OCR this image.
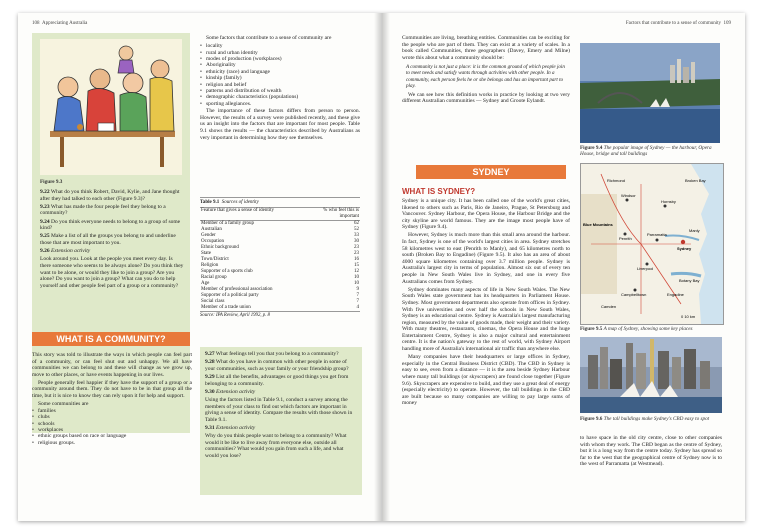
108 Appreciating Australia
Figure 9.3

9.22 What do you think Robert, David, Kylie, and Jane thought after they had talked to each other (Figure 9.3)?

9.23 What has made the four people feel they belong to a community?

9.24 Do you think everyone needs to belong to a group of some kind?

9.25 Make a list of all the groups you belong to and underline those that are most important to you.

9.26 Extension activity

Look around you. Look at the people you meet every day. Is there someone who seems to be always alone? Do you think they want to be alone, or would they like to join a group? Are you alone? Do you want to join a group? What can you do to help yourself and other people feel part of a group or a community?

Some factors that contribute to a sense of community are

• locality
• rural and urban identity
• modes of production (workplaces)
• Aboriginality
• ethnicity (race) and language
• kinship (family)
• religion and belief
• patterns and distribution of wealth
• demographic characteristics (populations)
• sporting allegiances.

The importance of these factors differs from person to person. However, the results of a survey were published recently, and these give us an insight into the factors that are important for most people. Table 9.1 shows the results — the characteristics described by Australians as very important in determining how they see themselves.

Table 9.1 Sources of identity
Feature that gives a sense of identity	% who feel this is important
Member of a family group	62
Australian	52
Gender	33
Occupation	30
Ethnic background	23
State	23
Town/District	16
Religion	15
Supporter of a sports club	12
Racial group	10
Age	10
Member of professional association	9
Supporter of a political party	7
Social class	7
Member of a trade union	4
Source: IPA Review, April 1992, p. 8
WHAT IS A COMMUNITY?

This story was told to illustrate the ways in which people can feel part of a community, or can feel shut out and unhappy. We all have communities we can belong to and these will change as we grow up, move to other places, or have events happening in our lives.

People generally feel happier if they have the support of a group or a community around them. They do not have to be in that group all the time, but it is nice to know they can rely upon it for help and support.

Some communities are

• families
• clubs
• schools
• workplaces
• ethnic groups based on race or language
• religious groups.

9.27 What feelings tell you that you belong to a community?

9.28 What do you have in common with other people in some of your communities, such as your family or your friendship group?

9.29 List all the benefits, advantages or good things you get from belonging to a community.

9.30 Extension activity

Using the factors listed in Table 9.1, conduct a survey among the members of your class to find out which factors are important in giving a sense of identity. Compare the results with those shown in Table 9.1.

9.31 Extension activity

Why do you think people want to belong to a community? What would it be like to live away from everyone else, outside all communities? What would you gain from such a life, and what would you lose?

Factors that contribute to a sense of community 109

Communities are living, breathing entities. Communities can be exciting for the people who are part of them. They can exist at a variety of scales. In a book called Communities, three geographers (Davey, Emery and Milne) wrote this about what a community should be:

A community is not just a place: it is the common ground of which people join to meet needs and satisfy wants through activities with other people. In a community, each person feels he or she belongs and has an important part to play.

We can see how this definition works in practice by looking at two very different Australian communities — Sydney and Groote Eylandt.

SYDNEY
WHAT IS SYDNEY?

Sydney is a unique city. It has been called one of the world's great cities, likened to others such as Paris, Rio de Janeiro, Prague, St Petersburg and Vancouver. Sydney Harbour, the Opera House, the Harbour Bridge and the city skyline are world famous. They are the image most people have of Sydney (Figure 9.4).

However, Sydney is much more than this small area around the harbour. In fact, Sydney is one of the world's largest cities in area. Sydney stretches 58 kilometres west to east (Penrith to Manly), and 65 kilometres north to south (Broken Bay to Engadine) (Figure 9.5). It also has an area of about 4000 square kilometres containing over 3.7 million people. Sydney is Australia's largest city in terms of population. Almost six out of every ten people in New South Wales live in Sydney, and one in every five Australians comes from Sydney.

Sydney dominates many aspects of life in New South Wales. The New South Wales state government has its headquarters in Parliament House. Sydney. Most government departments also operate from offices in Sydney. With five universities and over half the schools in New South Wales, Sydney is an educational centre. Sydney is Australia's largest manufacturing region, measured by the value of goods made, their weight and their variety. With many theatres, restaurants, cinemas, the Opera House and the huge Entertainment Centre, Sydney is also a major cultural and entertainment centre. It is the nation's gateway to the rest of world, with Sydney Airport handling more of Australia's international air traffic than anywhere else.

Many companies have their headquarters or large offices in Sydney, especially in the Central Business District (CBD). The CBD in Sydney is easy to see, even from a distance — it is the area beside Sydney Harbour where many tall buildings (or skyscrapers) are found close together (Figure 9.6). Skyscrapers are expensive to build, and they use a great deal of energy (especially electricity) to operate. However, the tall buildings in the CBD are built because so many companies are willing to pay large sums of money

Figure 9.4 The popular image of Sydney — the harbour, Opera House, bridge and tall buildings
Blue Mountains
Windsor
Richmond
Penrith
Parramatta
Sydney
Manly
Hornsby
Broken Bay
Liverpool
Botany Bay
Engadine
Campbelltown
Camden
0 10 km
Figure 9.5 A map of Sydney, showing some key places
Figure 9.6 The tall buildings make Sydney's CBD easy to spot

to have space in the old city centre, close to other companies with whom they work. The CBD began as the centre of Sydney, but it is a long way from the centre today. Sydney has spread so far to the west that the geographical centre of Sydney now is to the west of Parramatta (at Westmead).
